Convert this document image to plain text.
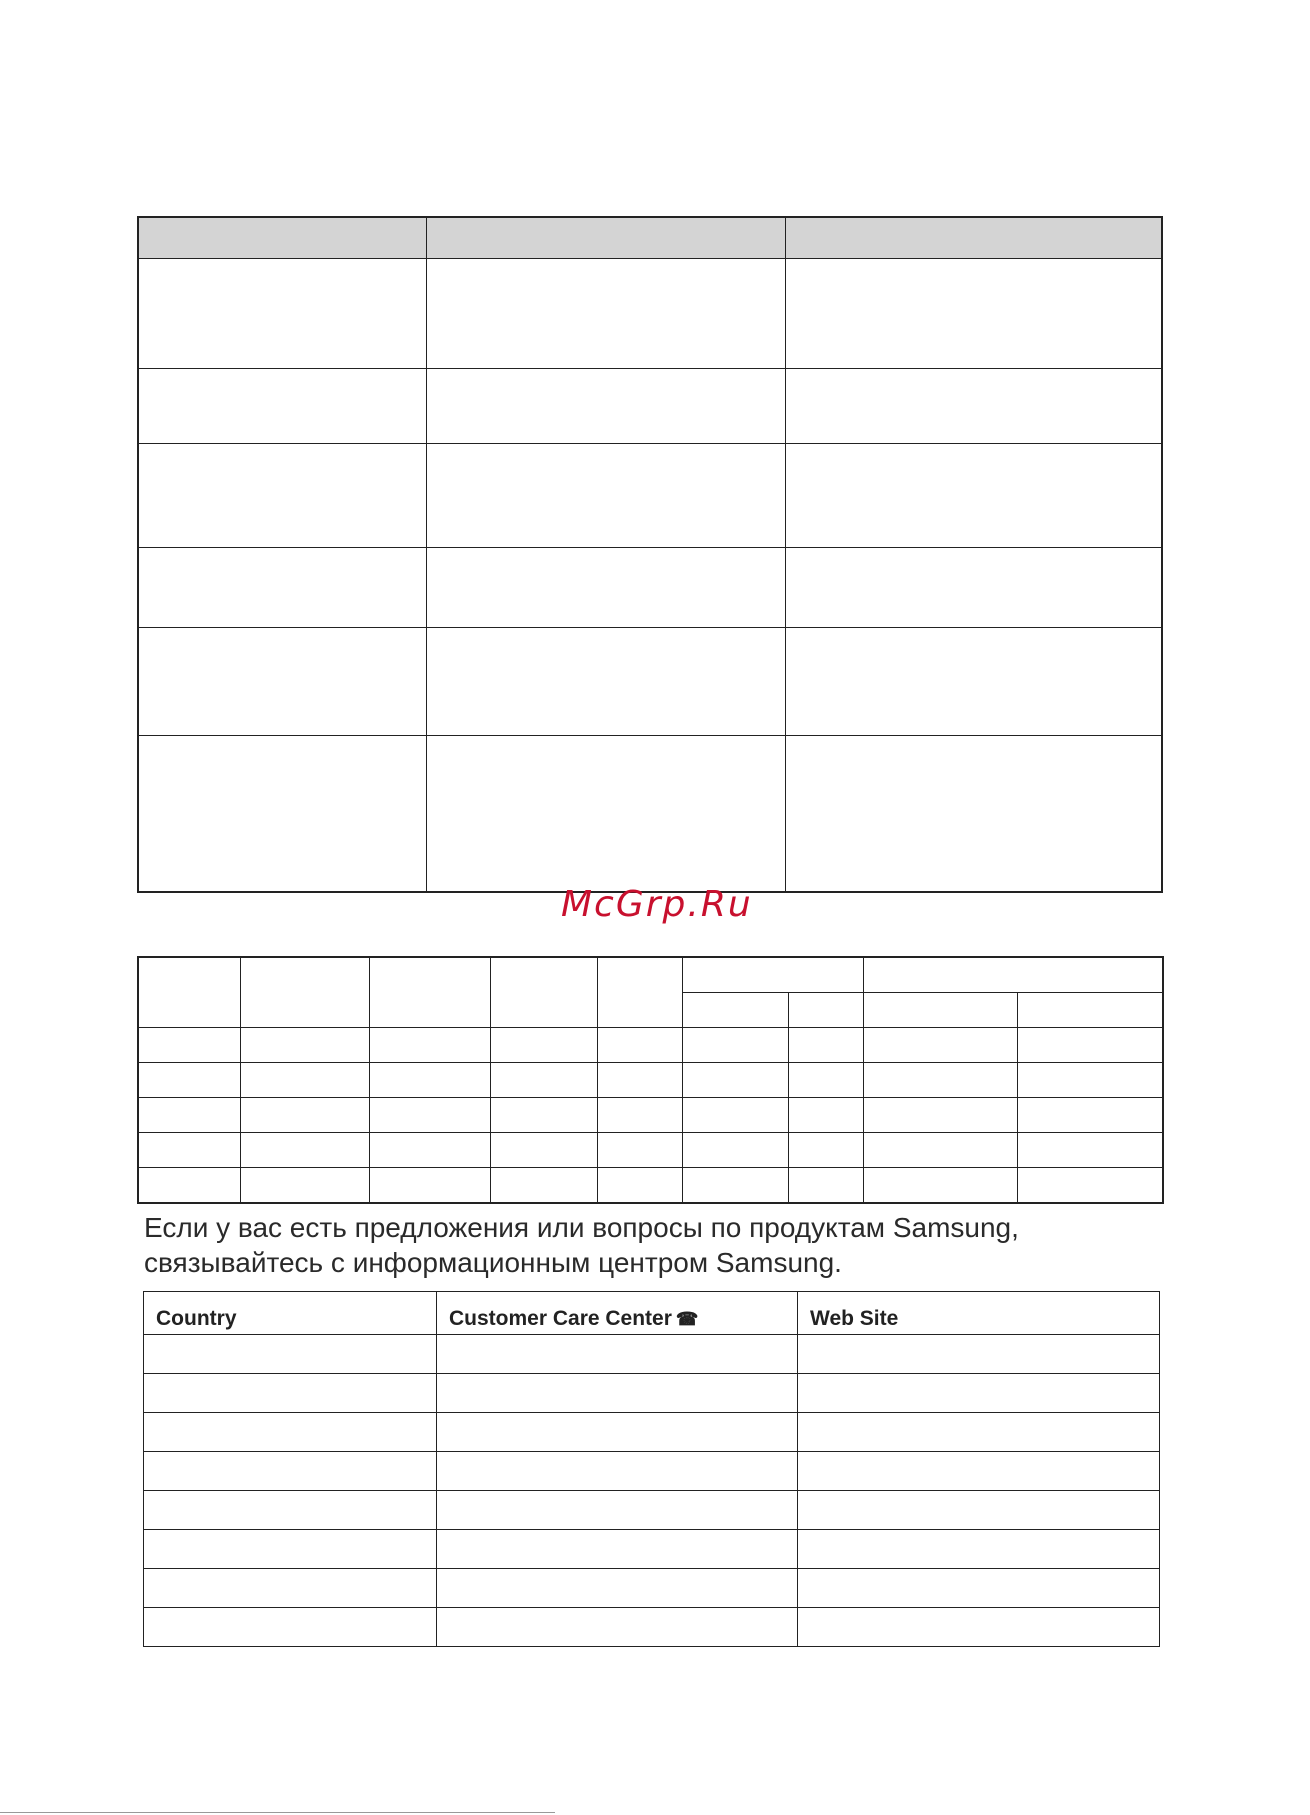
McGrp.Ru

Если у вас есть предложения или вопросы по продуктам Samsung,
связывайтесь с информационным центром Samsung.
Country	Customer Care Center ☎	Web Site
